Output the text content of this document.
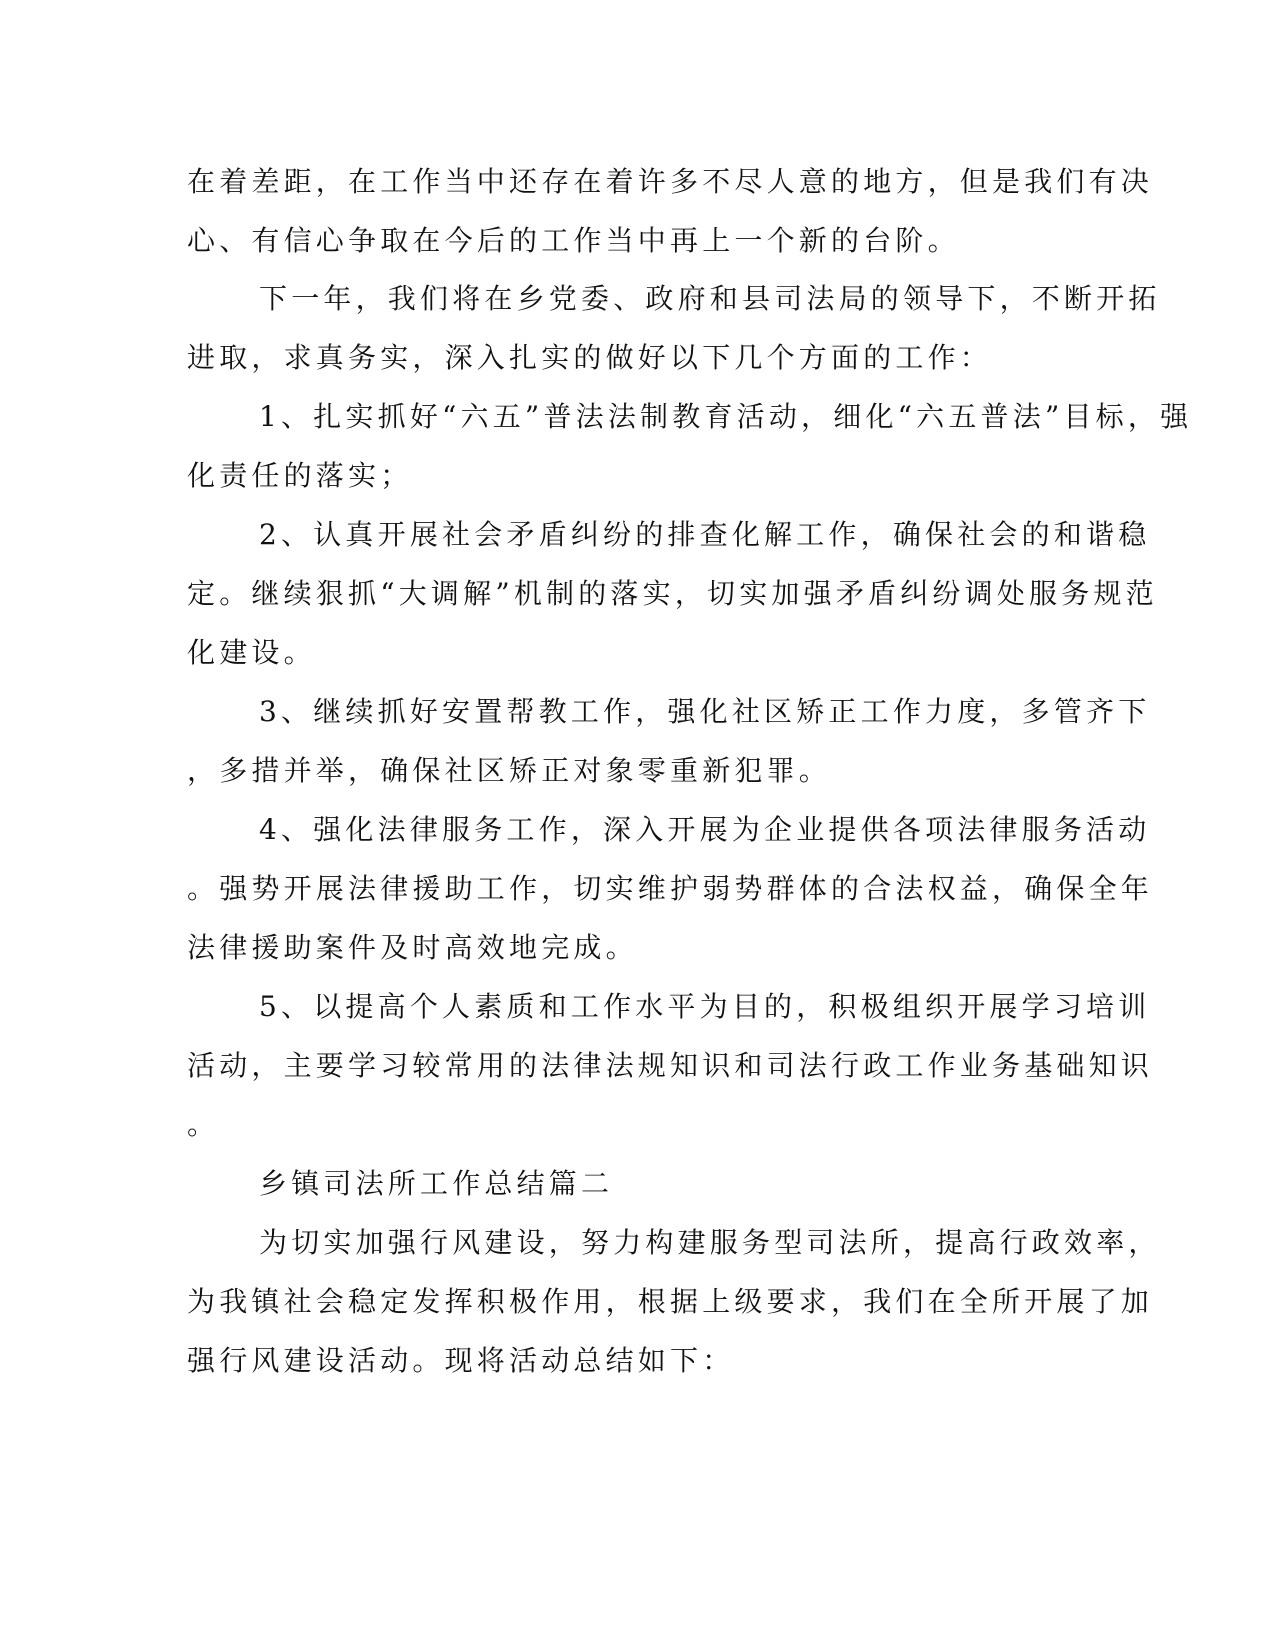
在着差距，在工作当中还存在着许多不尽人意的地方，但是我们有决
心、有信心争取在今后的工作当中再上一个新的台阶。
下一年，我们将在乡党委、政府和县司法局的领导下，不断开拓
进取，求真务实，深入扎实的做好以下几个方面的工作：
1、扎实抓好“六五”普法法制教育活动，细化“六五普法”目标，强
化责任的落实；
2、认真开展社会矛盾纠纷的排查化解工作，确保社会的和谐稳
定。继续狠抓“大调解”机制的落实，切实加强矛盾纠纷调处服务规范
化建设。
3、继续抓好安置帮教工作，强化社区矫正工作力度，多管齐下
，多措并举，确保社区矫正对象零重新犯罪。
4、强化法律服务工作，深入开展为企业提供各项法律服务活动
。强势开展法律援助工作，切实维护弱势群体的合法权益，确保全年
法律援助案件及时高效地完成。
5、以提高个人素质和工作水平为目的，积极组织开展学习培训
活动，主要学习较常用的法律法规知识和司法行政工作业务基础知识
。
乡镇司法所工作总结篇二
为切实加强行风建设，努力构建服务型司法所，提高行政效率，
为我镇社会稳定发挥积极作用，根据上级要求，我们在全所开展了加
强行风建设活动。现将活动总结如下：
